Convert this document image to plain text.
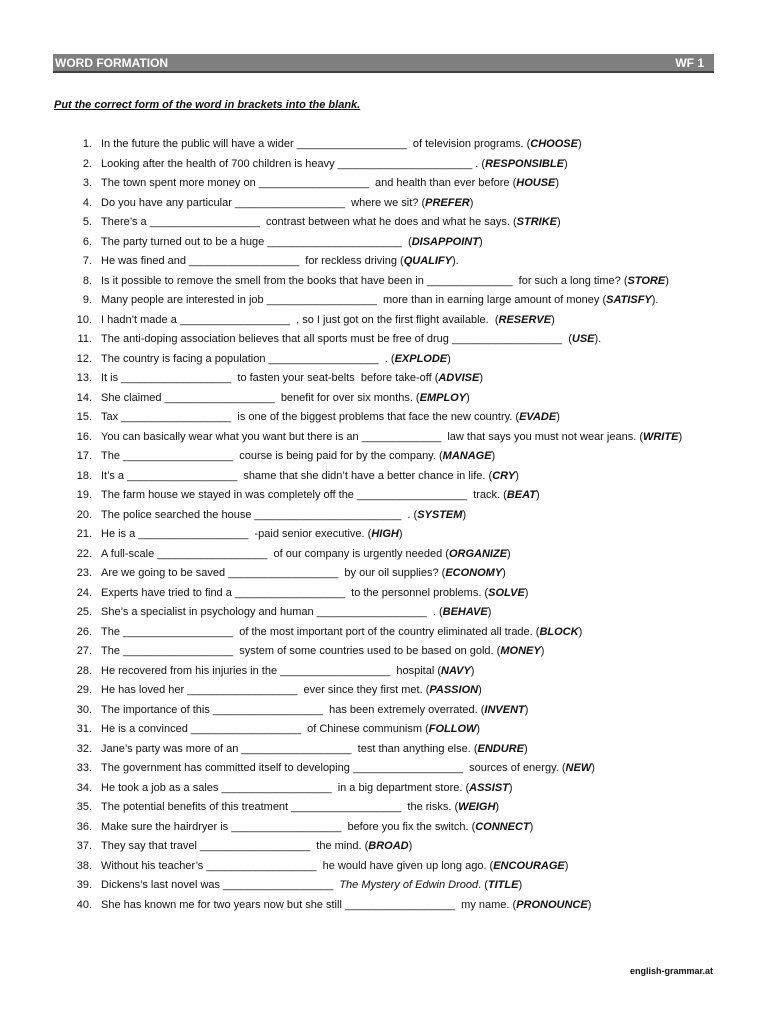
WORD FORMATION	WF 1
Put the correct form of the word in brackets into the blank.
1. In the future the public will have a wider __________________  of television programs. (CHOOSE)
2. Looking after the health of 700 children is heavy ______________________ . (RESPONSIBLE)
3. The town spent more money on __________________  and health than ever before (HOUSE)
4. Do you have any particular __________________  where we sit? (PREFER)
5. There’s a __________________  contrast between what he does and what he says. (STRIKE)
6. The party turned out to be a huge ______________________  (DISAPPOINT)
7. He was fined and __________________  for reckless driving (QUALIFY).
8. Is it possible to remove the smell from the books that have been in ______________  for such a long time? (STORE)
9. Many people are interested in job __________________  more than in earning large amount of money (SATISFY).
10. I hadn’t made a __________________  , so I just got on the first flight available.  (RESERVE)
11. The anti-doping association believes that all sports must be free of drug __________________  (USE).
12. The country is facing a population __________________  . (EXPLODE)
13. It is __________________  to fasten your seat-belts  before take-off (ADVISE)
14. She claimed __________________  benefit for over six months. (EMPLOY)
15. Tax __________________  is one of the biggest problems that face the new country. (EVADE)
16. You can basically wear what you want but there is an _____________  law that says you must not wear jeans. (WRITE)
17. The __________________  course is being paid for by the company. (MANAGE)
18. It’s a __________________  shame that she didn’t have a better chance in life. (CRY)
19. The farm house we stayed in was completely off the __________________  track. (BEAT)
20. The police searched the house ________________________  . (SYSTEM)
21. He is a __________________  -paid senior executive. (HIGH)
22. A full-scale __________________  of our company is urgently needed (ORGANIZE)
23. Are we going to be saved __________________  by our oil supplies? (ECONOMY)
24. Experts have tried to find a __________________  to the personnel problems. (SOLVE)
25. She’s a specialist in psychology and human __________________  . (BEHAVE)
26. The __________________  of the most important port of the country eliminated all trade. (BLOCK)
27. The __________________  system of some countries used to be based on gold. (MONEY)
28. He recovered from his injuries in the __________________  hospital (NAVY)
29. He has loved her __________________  ever since they first met. (PASSION)
30. The importance of this __________________  has been extremely overrated. (INVENT)
31. He is a convinced __________________  of Chinese communism (FOLLOW)
32. Jane’s party was more of an __________________  test than anything else. (ENDURE)
33. The government has committed itself to developing __________________  sources of energy. (NEW)
34. He took a job as a sales __________________  in a big department store. (ASSIST)
35. The potential benefits of this treatment __________________  the risks. (WEIGH)
36. Make sure the hairdryer is __________________  before you fix the switch. (CONNECT)
37. They say that travel __________________  the mind. (BROAD)
38. Without his teacher’s __________________  he would have given up long ago. (ENCOURAGE)
39. Dickens’s last novel was __________________  The Mystery of Edwin Drood. (TITLE)
40. She has known me for two years now but she still __________________  my name. (PRONOUNCE)
english-grammar.at
